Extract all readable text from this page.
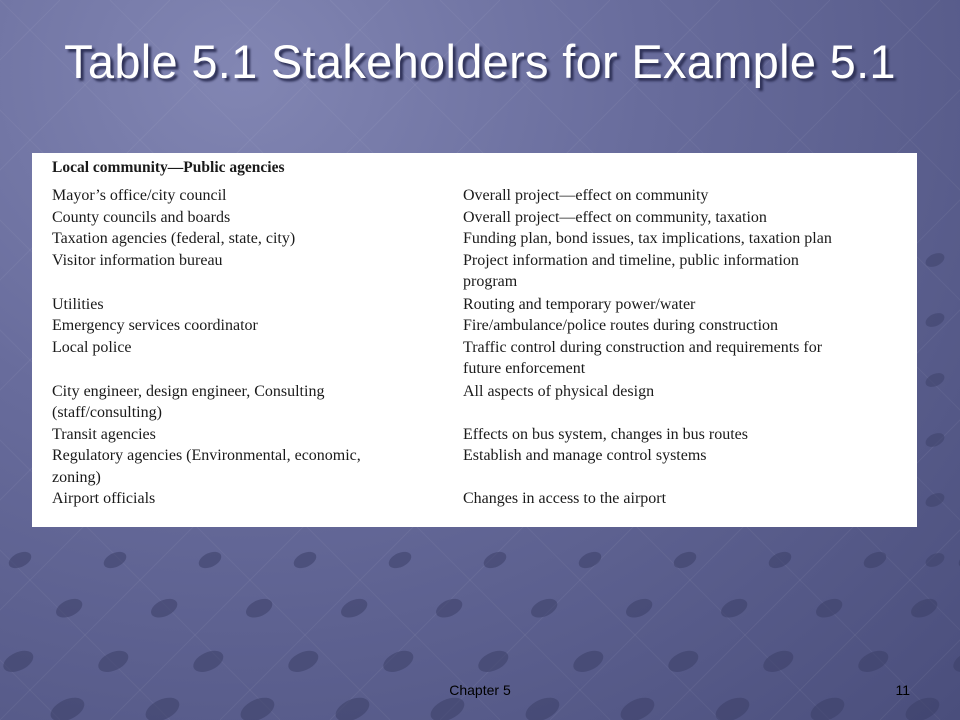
Table 5.1 Stakeholders for Example 5.1
Local community—Public agencies
Mayor’s office/city council	Overall project—effect on community
County councils and boards	Overall project—effect on community, taxation
Taxation agencies (federal, state, city)	Funding plan, bond issues, tax implications, taxation plan
Visitor information bureau	Project information and timeline, public information
program
Utilities	Routing and temporary power/water
Emergency services coordinator	Fire/ambulance/police routes during construction
Local police	Traffic control during construction and requirements for
future enforcement
City engineer, design engineer, Consulting	All aspects of physical design
(staff/consulting)
Transit agencies	Effects on bus system, changes in bus routes
Regulatory agencies (Environmental, economic,	Establish and manage control systems
zoning)
Airport officials	Changes in access to the airport
Chapter 5	11
